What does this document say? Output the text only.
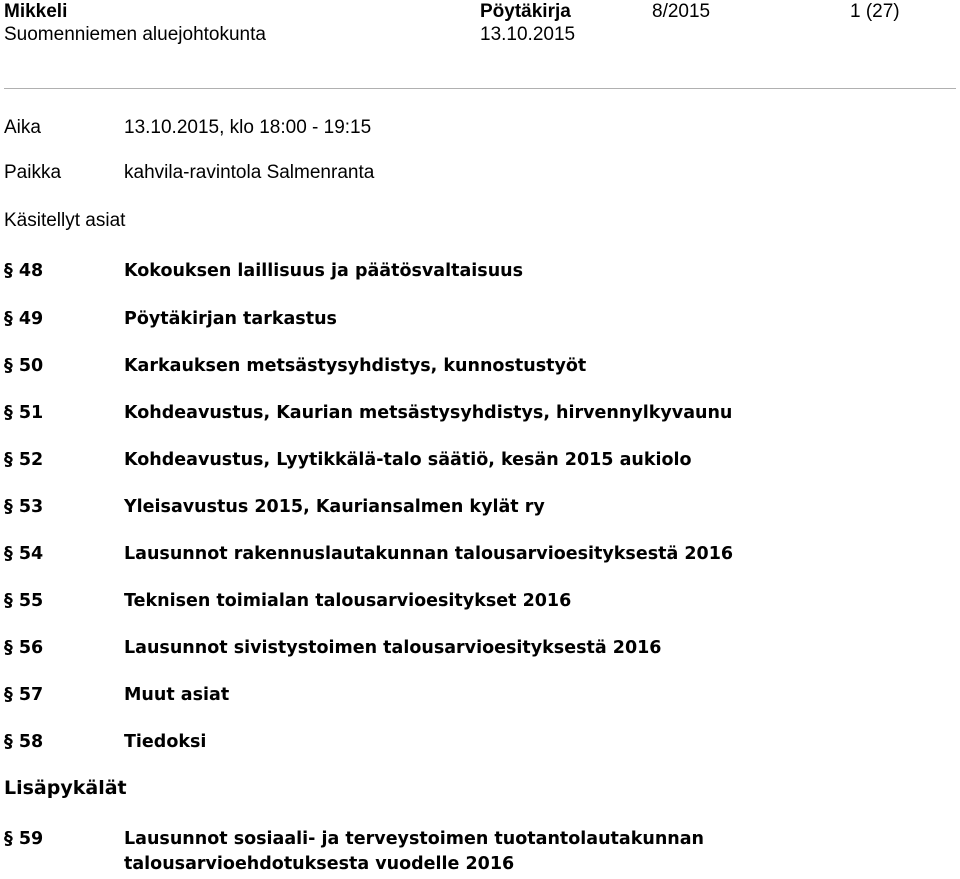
Mikkeli
Suomenniemen aluejohtokunta
Pöytäkirja
13.10.2015
8/2015	1 (27)
Aika	13.10.2015, klo 18:00 - 19:15
Paikka	kahvila-ravintola Salmenranta
Käsitellyt asiat
§ 48	Kokouksen laillisuus ja päätösvaltaisuus
§ 49	Pöytäkirjan tarkastus
§ 50	Karkauksen metsästysyhdistys, kunnostustyöt
§ 51	Kohdeavustus, Kaurian metsästysyhdistys, hirvennylkyvaunu
§ 52	Kohdeavustus, Lyytikkälä-talo säätiö, kesän 2015 aukiolo
§ 53	Yleisavustus 2015, Kauriansalmen kylät ry
§ 54	Lausunnot rakennuslautakunnan talousarvioesityksestä 2016
§ 55	Teknisen toimialan talousarvioesitykset 2016
§ 56	Lausunnot sivistystoimen talousarvioesityksestä 2016
§ 57	Muut asiat
§ 58	Tiedoksi
Lisäpykälät
§ 59	Lausunnot sosiaali- ja terveystoimen tuotantolautakunnan
talousarvioehdotuksesta vuodelle 2016
